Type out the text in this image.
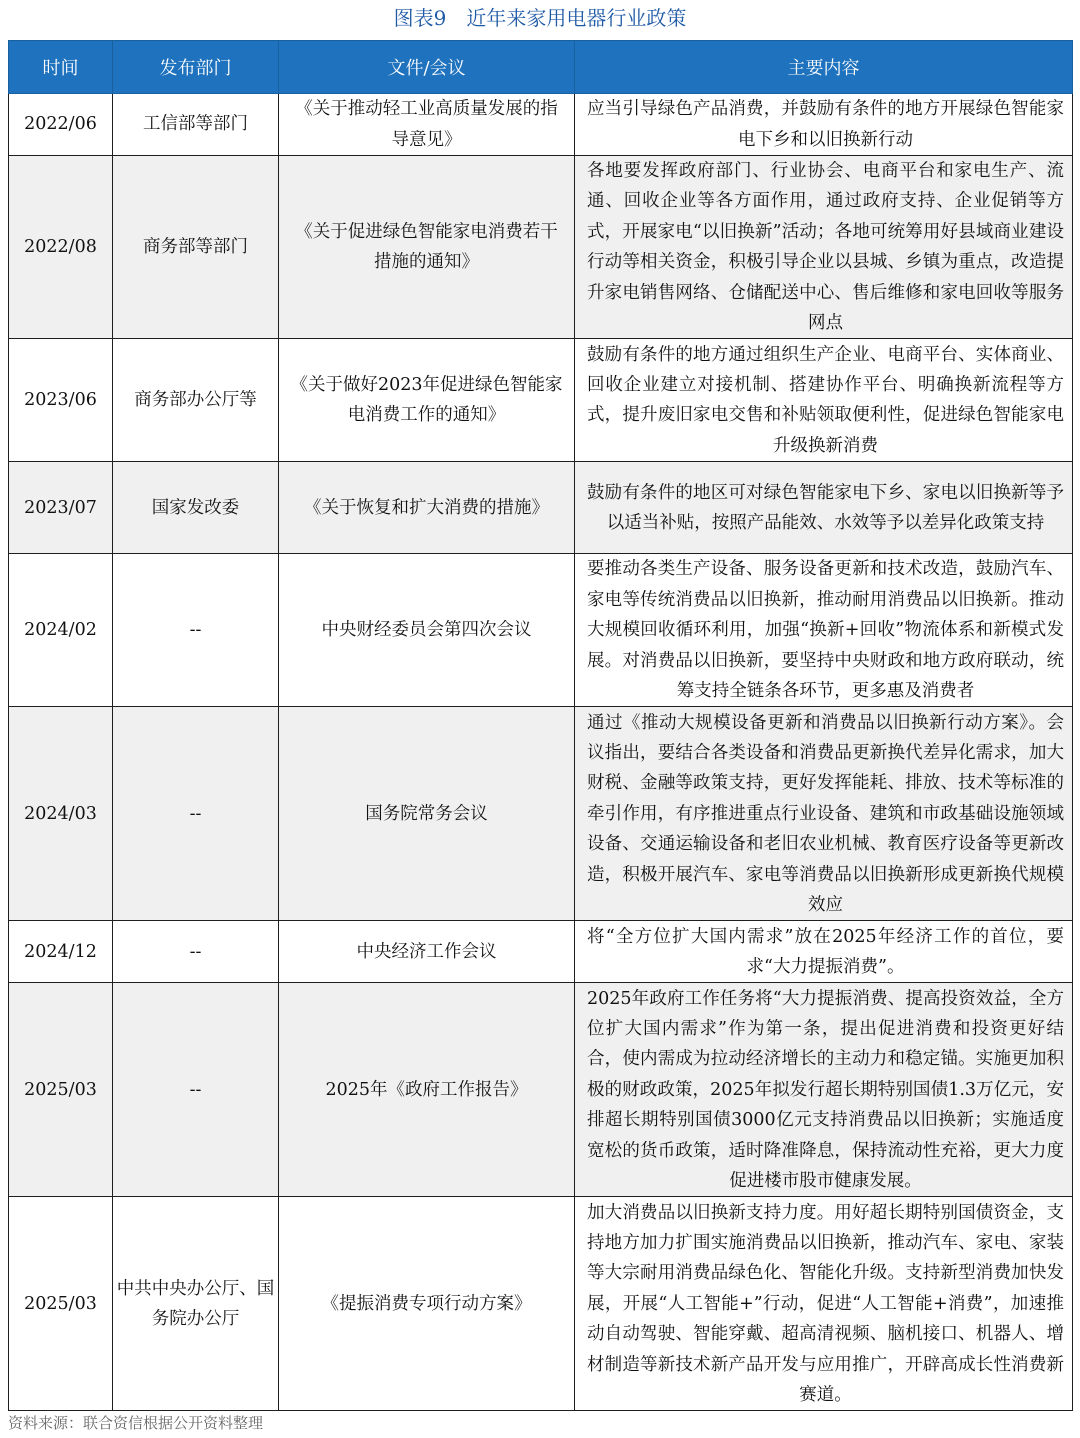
图表9　近年来家用电器行业政策
时间	发布部门	文件/会议	主要内容
2022/06	工信部等部门	《关于推动轻工业高质量发展的指导意见》	应当引导绿色产品消费，并鼓励有条件的地方开展绿色智能家电下乡和以旧换新行动
2022/08	商务部等部门	《关于促进绿色智能家电消费若干措施的通知》	各地要发挥政府部门、行业协会、电商平台和家电生产、流通、回收企业等各方面作用，通过政府支持、企业促销等方式，开展家电“以旧换新”活动；各地可统筹用好县域商业建设行动等相关资金，积极引导企业以县城、乡镇为重点，改造提升家电销售网络、仓储配送中心、售后维修和家电回收等服务网点
2023/06	商务部办公厅等	《关于做好2023年促进绿色智能家电消费工作的通知》	鼓励有条件的地方通过组织生产企业、电商平台、实体商业、回收企业建立对接机制、搭建协作平台、明确换新流程等方式，提升废旧家电交售和补贴领取便利性，促进绿色智能家电升级换新消费
2023/07	国家发改委	《关于恢复和扩大消费的措施》	鼓励有条件的地区可对绿色智能家电下乡、家电以旧换新等予以适当补贴，按照产品能效、水效等予以差异化政策支持
2024/02	--	中央财经委员会第四次会议	要推动各类生产设备、服务设备更新和技术改造，鼓励汽车、家电等传统消费品以旧换新，推动耐用消费品以旧换新。推动大规模回收循环利用，加强“换新+回收”物流体系和新模式发展。对消费品以旧换新，要坚持中央财政和地方政府联动，统筹支持全链条各环节，更多惠及消费者
2024/03	--	国务院常务会议	通过《推动大规模设备更新和消费品以旧换新行动方案》。会议指出，要结合各类设备和消费品更新换代差异化需求，加大财税、金融等政策支持，更好发挥能耗、排放、技术等标准的牵引作用，有序推进重点行业设备、建筑和市政基础设施领域设备、交通运输设备和老旧农业机械、教育医疗设备等更新改造，积极开展汽车、家电等消费品以旧换新形成更新换代规模效应
2024/12	--	中央经济工作会议	将“全方位扩大国内需求”放在2025年经济工作的首位，要求“大力提振消费”。
2025/03	--	2025年《政府工作报告》	2025年政府工作任务将“大力提振消费、提高投资效益，全方位扩大国内需求”作为第一条，提出促进消费和投资更好结合，使内需成为拉动经济增长的主动力和稳定锚。实施更加积极的财政政策，2025年拟发行超长期特别国债1.3万亿元，安排超长期特别国债3000亿元支持消费品以旧换新；实施适度宽松的货币政策，适时降准降息，保持流动性充裕，更大力度促进楼市股市健康发展。
2025/03	中共中央办公厅、国务院办公厅	《提振消费专项行动方案》	加大消费品以旧换新支持力度。用好超长期特别国债资金，支持地方加力扩围实施消费品以旧换新，推动汽车、家电、家装等大宗耐用消费品绿色化、智能化升级。支持新型消费加快发展，开展“人工智能+”行动，促进“人工智能+消费”，加速推动自动驾驶、智能穿戴、超高清视频、脑机接口、机器人、增材制造等新技术新产品开发与应用推广，开辟高成长性消费新赛道。
资料来源：联合资信根据公开资料整理
